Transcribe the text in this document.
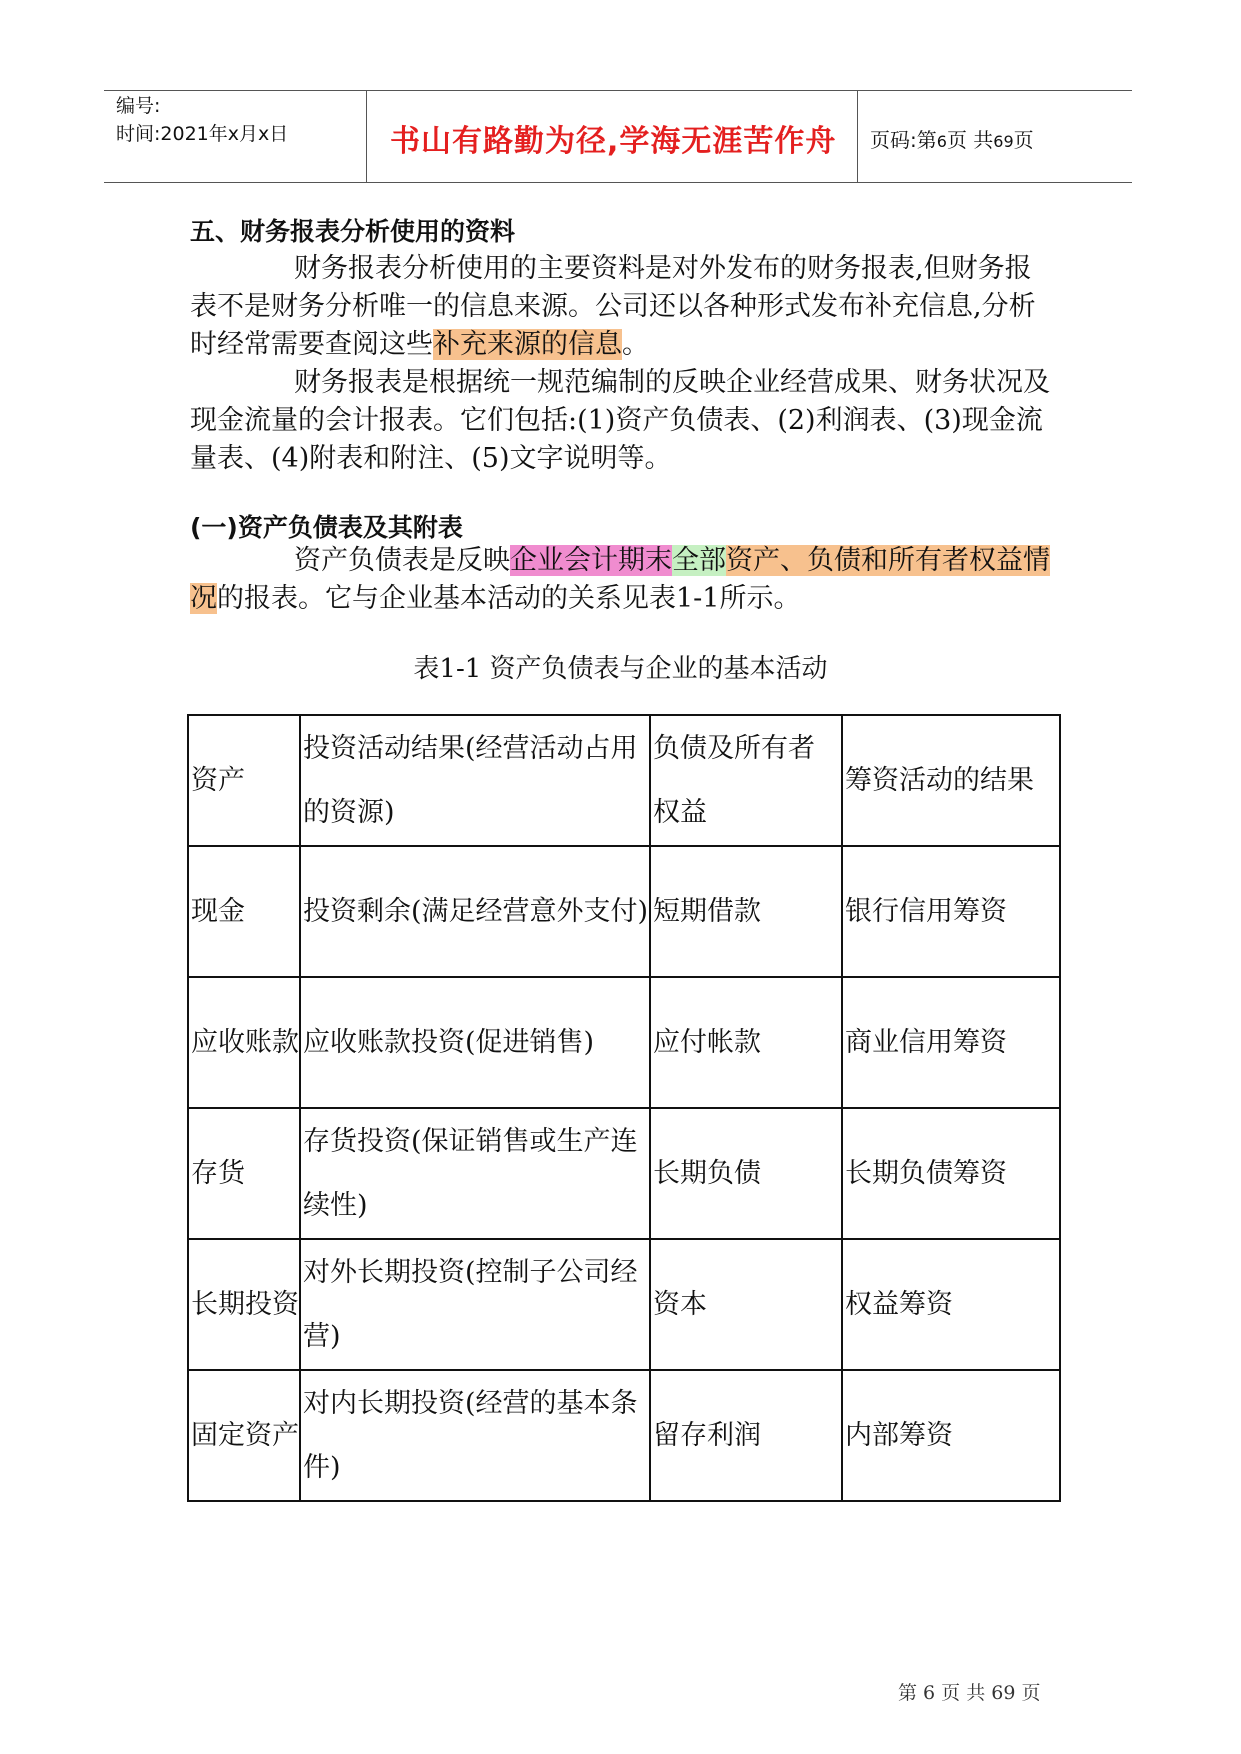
编号:
时间:2021年x月x日	书山有路勤为径,学海无涯苦作舟 页码:第6页 共69页
五、财务报表分析使用的资料

财务报表分析使用的主要资料是对外发布的财务报表,但财务报表不是财务分析唯一的信息来源。公司还以各种形式发布补充信息,分析时经常需要查阅这些补充来源的信息。

财务报表是根据统一规范编制的反映企业经营成果、财务状况及现金流量的会计报表。它们包括:(1)资产负债表、(2)利润表、(3)现金流量表、(4)附表和附注、(5)文字说明等。

(一)资产负债表及其附表

资产负债表是反映企业会计期末全部资产、负债和所有者权益情况的报表。它与企业基本活动的关系见表1-1所示。

表1-1 资产负债表与企业的基本活动
资产	投资活动结果(经营活动占用的资源)	负债及所有者权益	筹资活动的结果
现金	投资剩余(满足经营意外支付)	短期借款	银行信用筹资
应收账款	应收账款投资(促进销售)	应付帐款	商业信用筹资
存货	存货投资(保证销售或生产连续性)	长期负债	长期负债筹资
长期投资	对外长期投资(控制子公司经营)	资本	权益筹资
固定资产	对内长期投资(经营的基本条件)	留存利润	内部筹资
第 6 页 共 69 页
